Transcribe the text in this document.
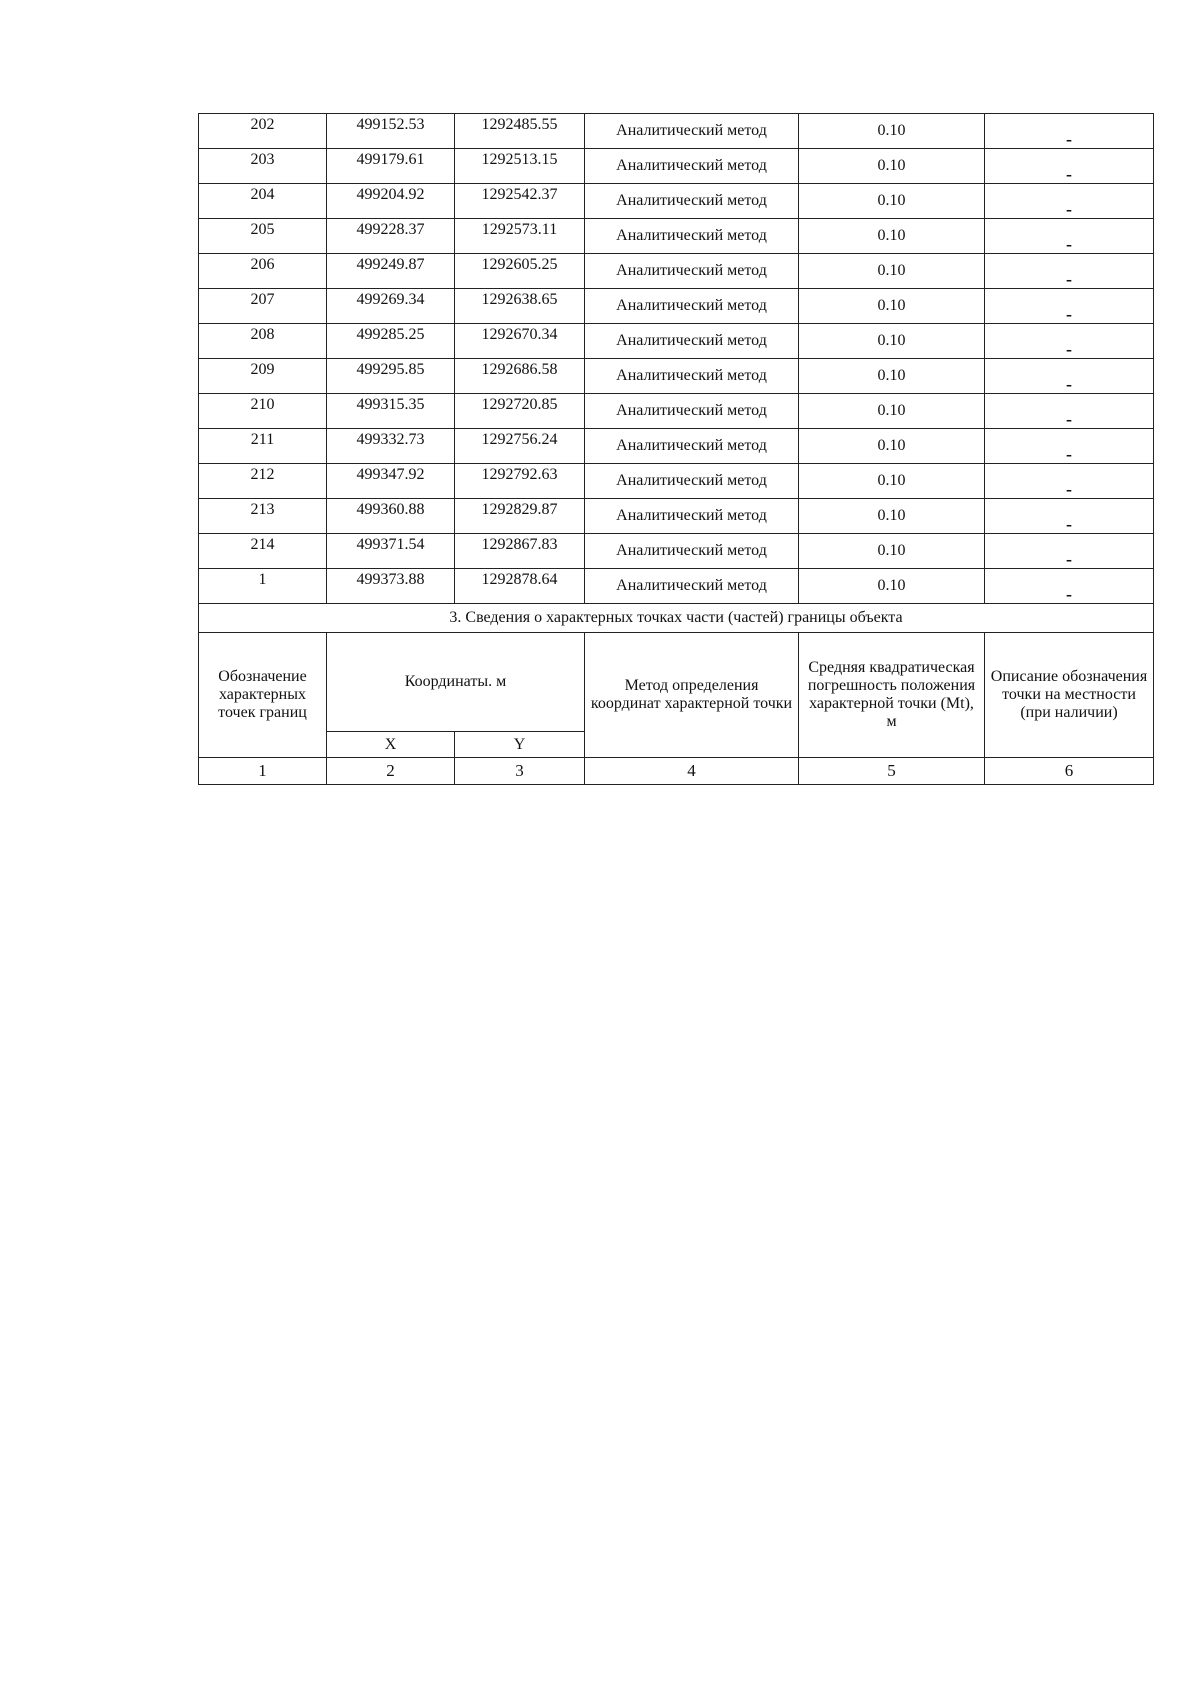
202	499152.53	1292485.55	Аналитический метод	0.10	-
203	499179.61	1292513.15	Аналитический метод	0.10	-
204	499204.92	1292542.37	Аналитический метод	0.10	-
205	499228.37	1292573.11	Аналитический метод	0.10	-
206	499249.87	1292605.25	Аналитический метод	0.10	-
207	499269.34	1292638.65	Аналитический метод	0.10	-
208	499285.25	1292670.34	Аналитический метод	0.10	-
209	499295.85	1292686.58	Аналитический метод	0.10	-
210	499315.35	1292720.85	Аналитический метод	0.10	-
211	499332.73	1292756.24	Аналитический метод	0.10	-
212	499347.92	1292792.63	Аналитический метод	0.10	-
213	499360.88	1292829.87	Аналитический метод	0.10	-
214	499371.54	1292867.83	Аналитический метод	0.10	-
1	499373.88	1292878.64	Аналитический метод	0.10	-
3. Сведения о характерных точках части (частей) границы объекта					
Обозначение характерных точек границ	Координаты. м		Метод определения координат характерной точки	Средняя квадратическая погрешность положения характерной точки (Mt), м	Описание обозначения точки на местности (при наличии)
	X	Y			
1	2	3	4	5	6
